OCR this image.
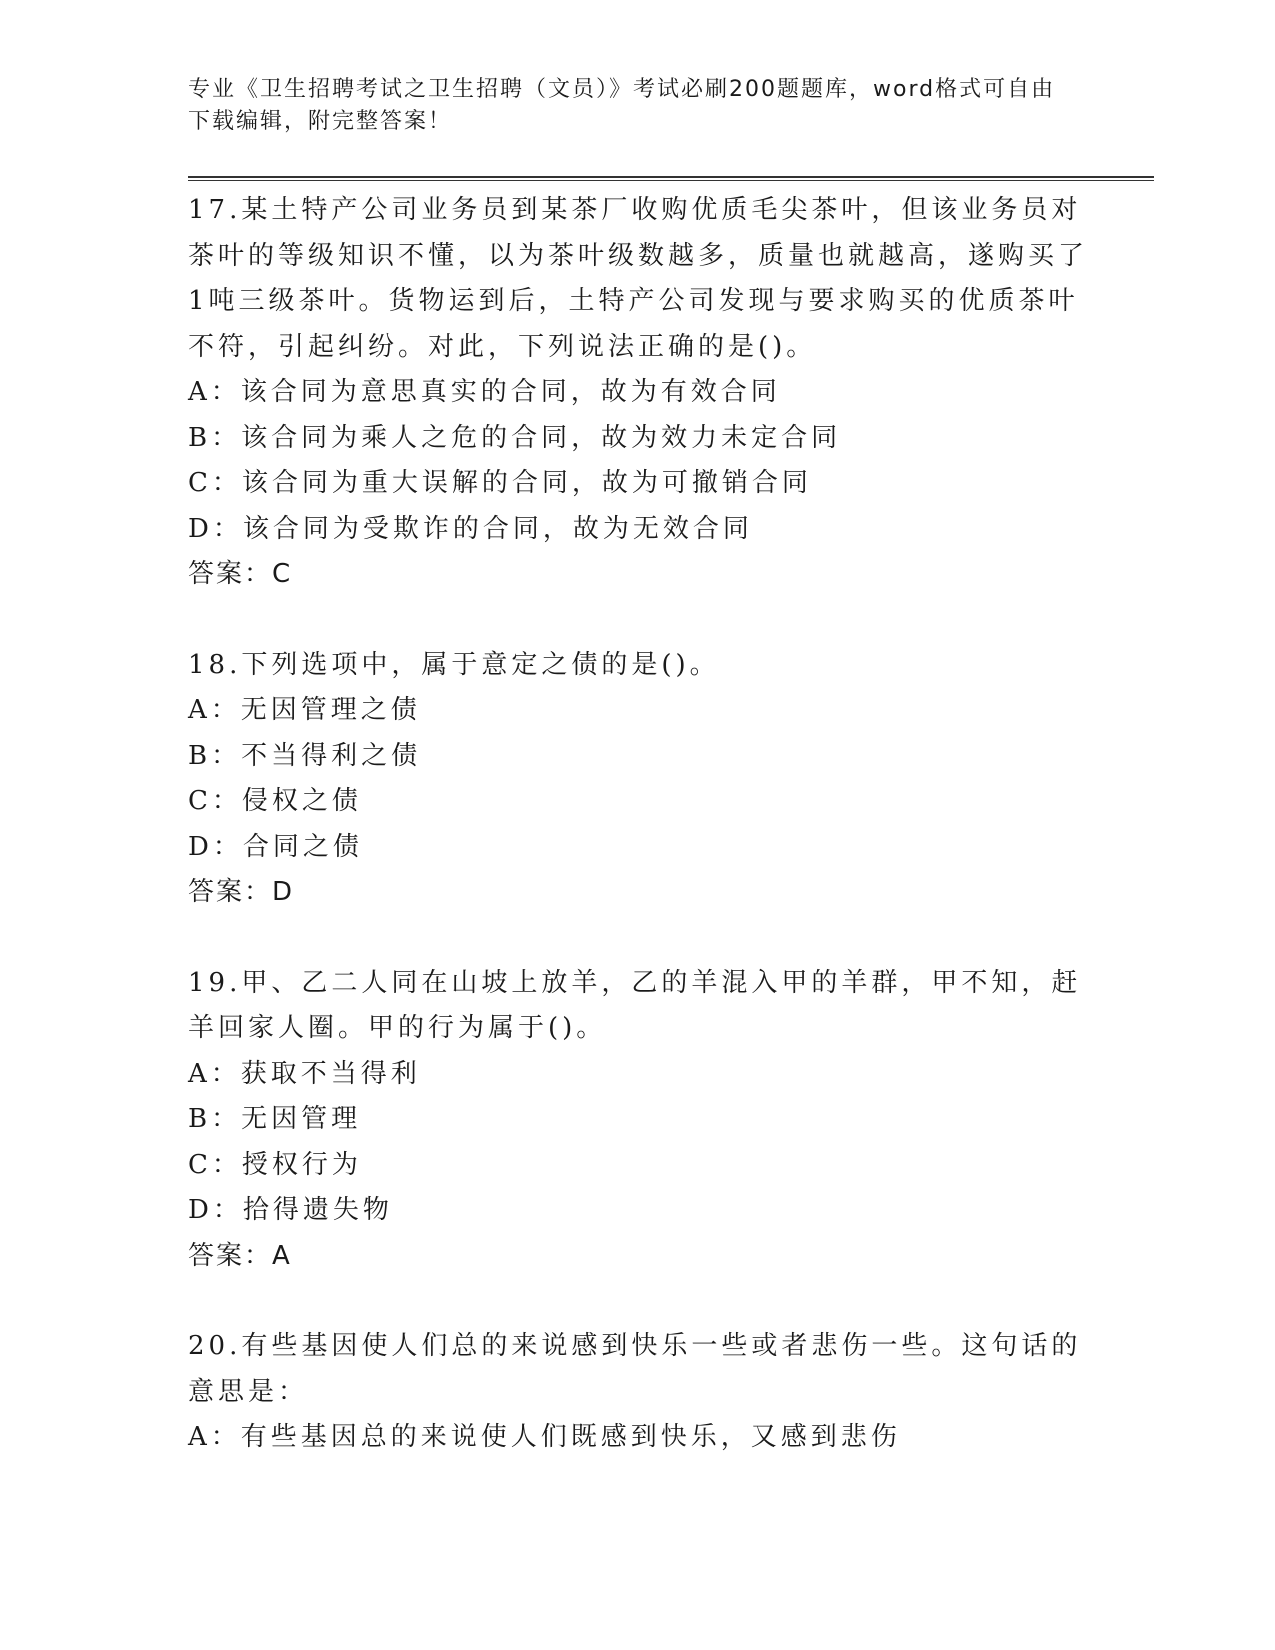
专业《卫生招聘考试之卫生招聘（文员）》考试必刷200题题库，word格式可自由下载编辑，附完整答案！

17.某土特产公司业务员到某茶厂收购优质毛尖茶叶，但该业务员对茶叶的等级知识不懂，以为茶叶级数越多，质量也就越高，遂购买了1吨三级茶叶。货物运到后，土特产公司发现与要求购买的优质茶叶不符，引起纠纷。对此，下列说法正确的是()。

A：该合同为意思真实的合同，故为有效合同

B：该合同为乘人之危的合同，故为效力未定合同

C：该合同为重大误解的合同，故为可撤销合同

D：该合同为受欺诈的合同，故为无效合同

答案：C

18.下列选项中，属于意定之债的是()。

A：无因管理之债

B：不当得利之债

C：侵权之债

D：合同之债

答案：D

19.甲、乙二人同在山坡上放羊，乙的羊混入甲的羊群，甲不知，赶羊回家人圈。甲的行为属于()。

A：获取不当得利

B：无因管理

C：授权行为

D：拾得遗失物

答案：A

20.有些基因使人们总的来说感到快乐一些或者悲伤一些。这句话的意思是：

A：有些基因总的来说使人们既感到快乐，又感到悲伤
